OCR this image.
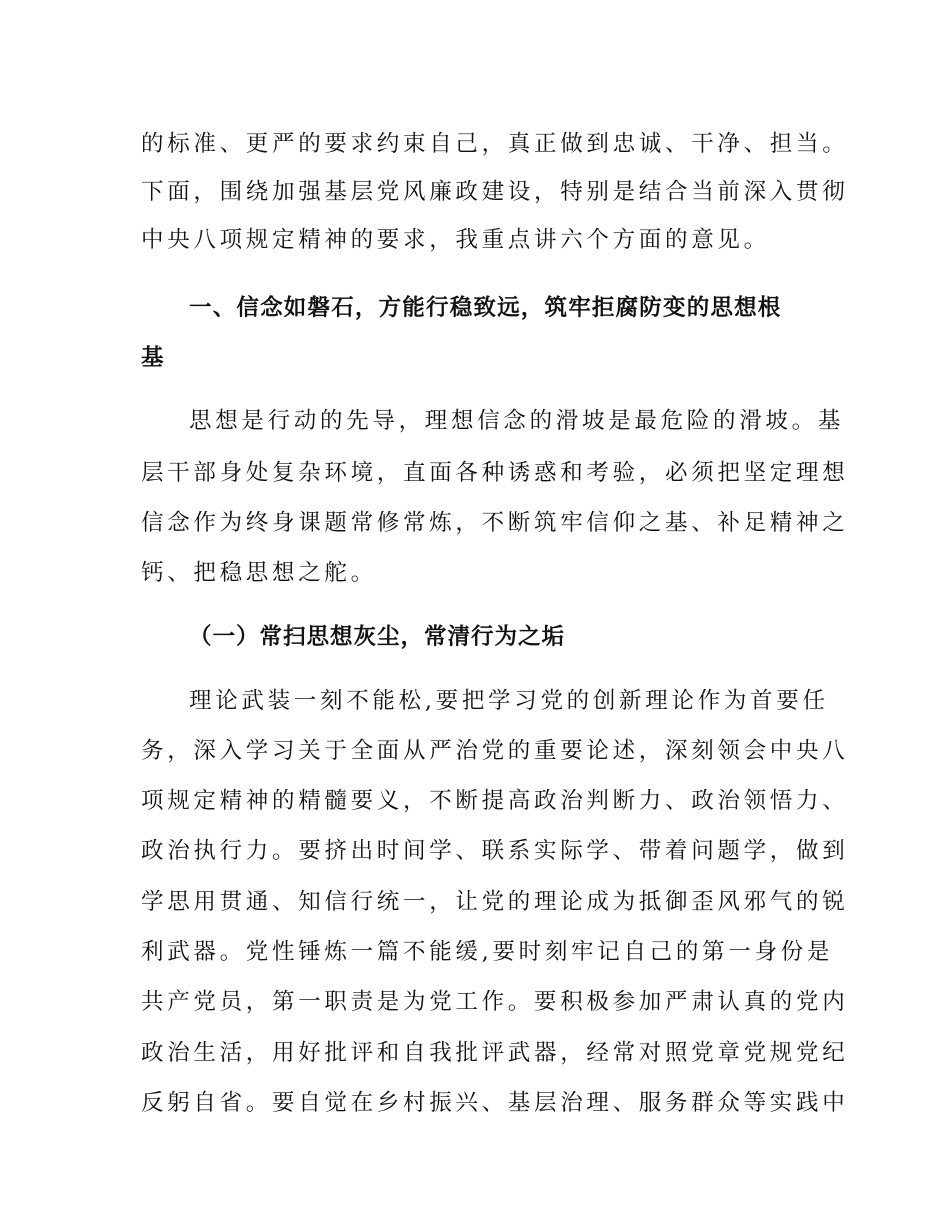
的标准、更严的要求约束自己，真正做到忠诚、干净、担当。
下面，围绕加强基层党风廉政建设，特别是结合当前深入贯彻
中央八项规定精神的要求，我重点讲六个方面的意见。
一、信念如磐石，方能行稳致远，筑牢拒腐防变的思想根
基
思想是行动的先导，理想信念的滑坡是最危险的滑坡。基
层干部身处复杂环境，直面各种诱惑和考验，必须把坚定理想
信念作为终身课题常修常炼，不断筑牢信仰之基、补足精神之
钙、把稳思想之舵。
（一）常扫思想灰尘，常清行为之垢
理论武装一刻不能松,要把学习党的创新理论作为首要任
务，深入学习关于全面从严治党的重要论述，深刻领会中央八
项规定精神的精髓要义，不断提高政治判断力、政治领悟力、
政治执行力。要挤出时间学、联系实际学、带着问题学，做到
学思用贯通、知信行统一，让党的理论成为抵御歪风邪气的锐
利武器。党性锤炼一篇不能缓,要时刻牢记自己的第一身份是
共产党员，第一职责是为党工作。要积极参加严肃认真的党内
政治生活，用好批评和自我批评武器，经常对照党章党规党纪
反躬自省。要自觉在乡村振兴、基层治理、服务群众等实践中
